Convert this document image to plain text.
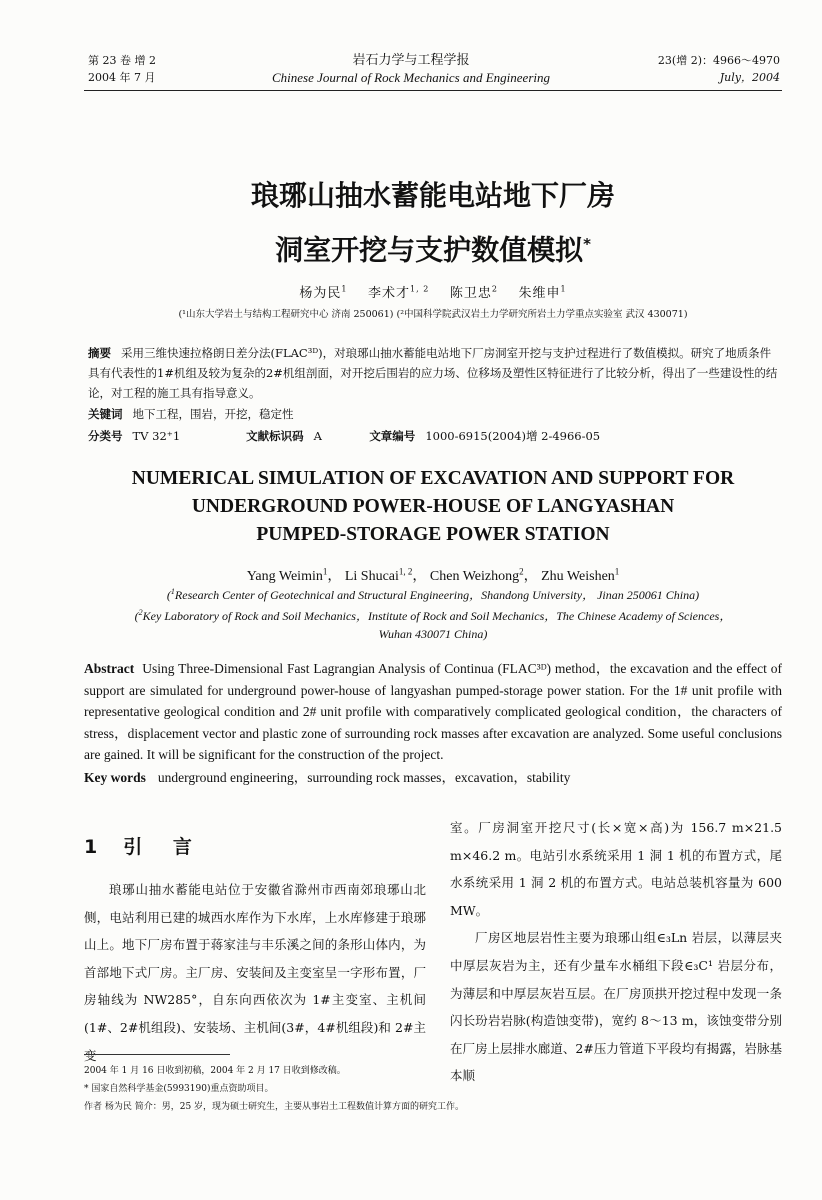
第 23 卷 增 2
2004 年 7 月
岩石力学与工程学报
Chinese Journal of Rock Mechanics and Engineering
23(增 2)：4966～4970
July，2004
琅琊山抽水蓄能电站地下厂房
洞室开挖与支护数值模拟*
杨为民$^1$ 李术才$^{1, 2}$ 陈卫忠$^2$ 朱维申$^1$
(¹山东大学岩土与结构工程研究中心 济南 250061) (²中国科学院武汉岩土力学研究所岩土力学重点实验室 武汉 430071)
摘要 采用三维快速拉格朗日差分法(FLAC³ᴰ)，对琅琊山抽水蓄能电站地下厂房洞室开挖与支护过程进行了数值模拟。研究了地质条件具有代表性的1#机组及较为复杂的2#机组剖面，对开挖后围岩的应力场、位移场及塑性区特征进行了比较分析，得出了一些建设性的结论，对工程的施工具有指导意义。
关键词 地下工程，围岩，开挖，稳定性
分类号 TV 32⁺1	文献标识码 A	文章编号 1000-6915(2004)增 2-4966-05
NUMERICAL SIMULATION OF EXCAVATION AND SUPPORT FOR
UNDERGROUND POWER-HOUSE OF LANGYASHAN
PUMPED-STORAGE POWER STATION
Yang Weimin$^1$， Li Shucai$^{1, 2}$， Chen Weizhong$^2$， Zhu Weishen$^1$
($^1$Research Center of Geotechnical and Structural Engineering，Shandong University， Jinan 250061 China)
($^2$Key Laboratory of Rock and Soil Mechanics，Institute of Rock and Soil Mechanics，The Chinese Academy of Sciences，
Wuhan 430071 China)
Abstract Using Three-Dimensional Fast Lagrangian Analysis of Continua (FLAC³ᴰ) method，the excavation and the effect of support are simulated for underground power-house of langyashan pumped-storage power station. For the 1# unit profile with representative geological condition and 2# unit profile with comparatively complicated geological condition，the characters of stress，displacement vector and plastic zone of surrounding rock masses after excavation are analyzed. Some useful conclusions are gained. It will be significant for the construction of the project.
Key words underground engineering，surrounding rock masses，excavation，stability
1 引 言

琅琊山抽水蓄能电站位于安徽省滁州市西南郊琅琊山北侧，电站利用已建的城西水库作为下水库，上水库修建于琅琊山上。地下厂房布置于蒋家洼与丰乐溪之间的条形山体内，为首部地下式厂房。主厂房、安装间及主变室呈一字形布置，厂房轴线为 NW285°，自东向西依次为 1#主变室、主机间(1#、2#机组段)、安装场、主机间(3#，4#机组段)和 2#主变

室。厂房洞室开挖尺寸(长×宽×高)为 156.7 m×21.5 m×46.2 m。电站引水系统采用 1 洞 1 机的布置方式，尾水系统采用 1 洞 2 机的布置方式。电站总装机容量为 600 MW。

厂房区地层岩性主要为琅琊山组∈₃Ln 岩层，以薄层夹中厚层灰岩为主，还有少量车水桶组下段∈₃C¹ 岩层分布，为薄层和中厚层灰岩互层。在厂房顶拱开挖过程中发现一条闪长玢岩岩脉(构造蚀变带)，宽约 8～13 m，该蚀变带分别在厂房上层排水廊道、2#压力管道下平段均有揭露，岩脉基本顺

2004 年 1 月 16 日收到初稿，2004 年 2 月 17 日收到修改稿。
* 国家自然科学基金(5993190)重点资助项目。
作者 杨为民 简介：男，25 岁，现为硕士研究生，主要从事岩土工程数值计算方面的研究工作。
